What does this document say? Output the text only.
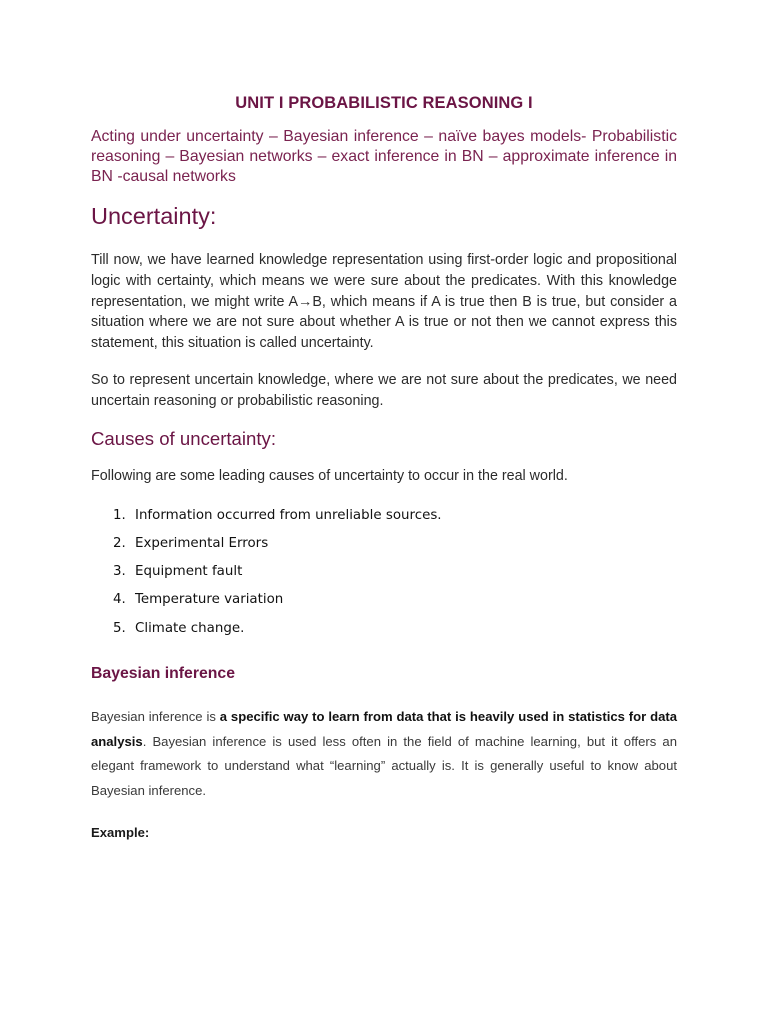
UNIT I PROBABILISTIC REASONING I

Acting under uncertainty – Bayesian inference – naïve bayes models- Probabilistic reasoning – Bayesian networks – exact inference in BN – approximate inference in BN -causal networks

Uncertainty:

Till now, we have learned knowledge representation using first-order logic and propositional logic with certainty, which means we were sure about the predicates. With this knowledge representation, we might write A→B, which means if A is true then B is true, but consider a situation where we are not sure about whether A is true or not then we cannot express this statement, this situation is called uncertainty.

So to represent uncertain knowledge, where we are not sure about the predicates, we need uncertain reasoning or probabilistic reasoning.

Causes of uncertainty:

Following are some leading causes of uncertainty to occur in the real world.

1. Information occurred from unreliable sources.
2. Experimental Errors
3. Equipment fault
4. Temperature variation
5. Climate change.
Bayesian inference

Bayesian inference is a specific way to learn from data that is heavily used in statistics for data analysis. Bayesian inference is used less often in the field of machine learning, but it offers an elegant framework to understand what “learning” actually is. It is generally useful to know about Bayesian inference.

Example:
